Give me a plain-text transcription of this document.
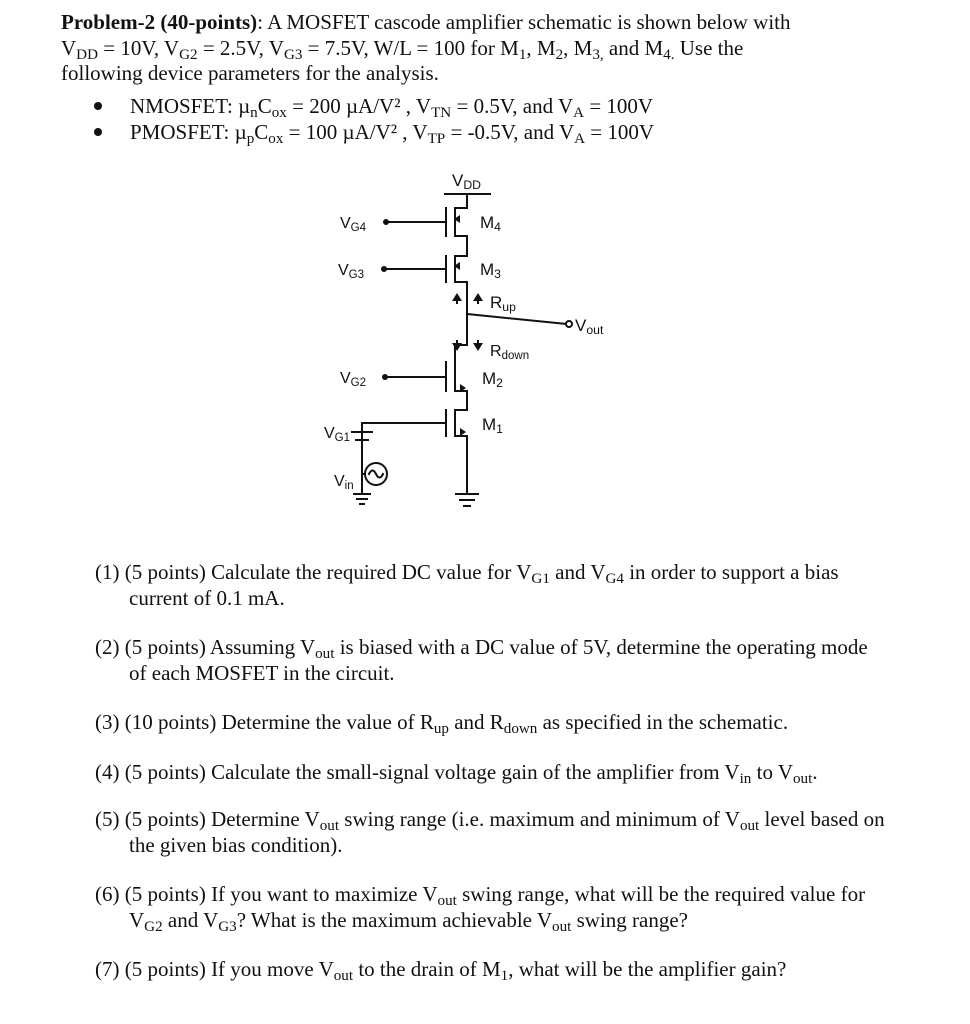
Problem-2 (40-points): A MOSFET cascode amplifier schematic is shown below with
$V_{DD} = 10V$, $V_{G2} = 2.5V$, $V_{G3} = 7.5V$, W/L = 100 for $M_1$, $M_2$, $M_{3,}$ and $M_{4.}$ Use the
following device parameters for the analysis.
NMOSFET: $\mu_nC_{ox} = 200$ µA/V² , $V_{TN} = 0.5V$, and $V_A = 100V$
PMOSFET: $\mu_pC_{ox} = 100$ µA/V² , $V_{TP} = -0.5V$, and $V_A = 100V$
VDD
VG4
VG3
VG2
VG1
Vin
M4
M3
M2
M1
Rup
Rdown
Vout
(1) (5 points) Calculate the required DC value for $V_{G1}$ and $V_{G4}$ in order to support a bias current of 0.1 mA.
(2) (5 points) Assuming $V_{out}$ is biased with a DC value of 5V, determine the operating mode of each MOSFET in the circuit.
(3) (10 points) Determine the value of $R_{up}$ and $R_{down}$ as specified in the schematic.
(4) (5 points) Calculate the small-signal voltage gain of the amplifier from $V_{in}$ to $V_{out}$.
(5) (5 points) Determine $V_{out}$ swing range (i.e. maximum and minimum of $V_{out}$ level based on the given bias condition).
(6) (5 points) If you want to maximize $V_{out}$ swing range, what will be the required value for $V_{G2}$ and $V_{G3}$? What is the maximum achievable $V_{out}$ swing range?
(7) (5 points) If you move $V_{out}$ to the drain of $M_1$, what will be the amplifier gain?
